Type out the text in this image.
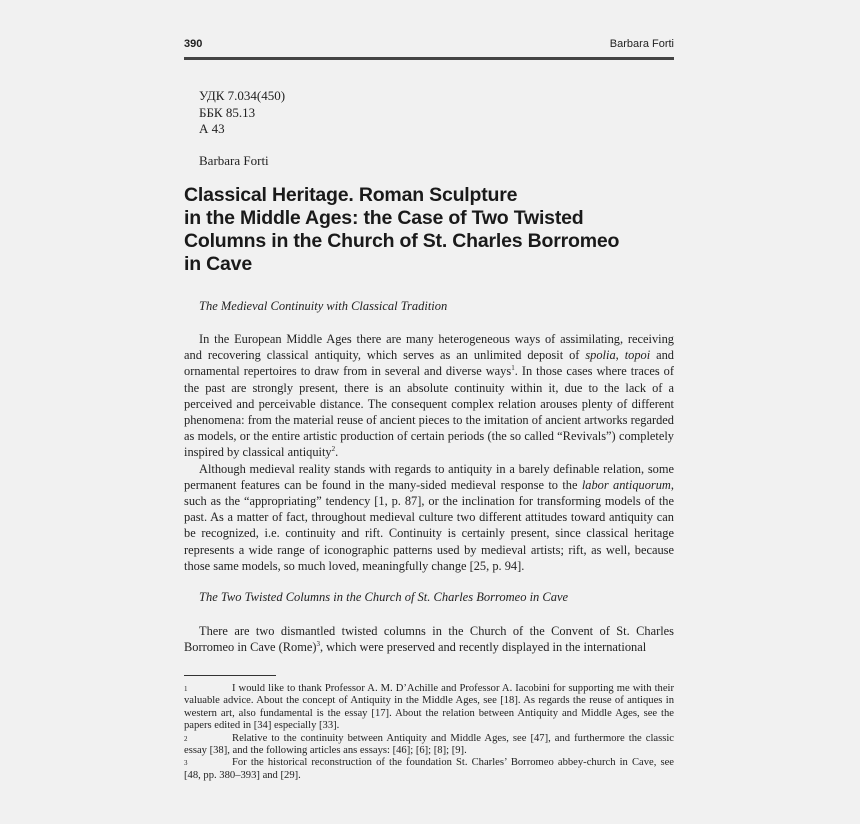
390	Barbara Forti
УДК 7.034(450)
ББК 85.13
А 43
Barbara Forti
Classical Heritage. Roman Sculpture
in the Middle Ages: the Case of Two Twisted
Columns in the Church of St. Charles Borromeo
in Cave
The Medieval Continuity with Classical Tradition

In the European Middle Ages there are many heterogeneous ways of assimilating, receiving and recovering classical antiquity, which serves as an unlimited deposit of spolia, topoi and ornamental repertoires to draw from in several and diverse ways$^1$. In those cases where traces of the past are strongly present, there is an absolute continuity within it, due to the lack of a perceived and perceivable distance. The consequent complex relation arouses plenty of different phenomena: from the material reuse of ancient pieces to the imitation of ancient artworks regarded as models, or the entire artistic production of certain periods (the so called “Revivals”) completely inspired by classical antiquity$^2$.

Although medieval reality stands with regards to antiquity in a barely definable relation, some permanent features can be found in the many-sided medieval response to the labor antiquorum, such as the “appropriating” tendency [1, p. 87], or the inclination for transforming models of the past. As a matter of fact, throughout medieval culture two different attitudes toward antiquity can be recognized, i.e. continuity and rift. Continuity is certainly present, since classical heritage represents a wide range of iconographic patterns used by medieval artists; rift, as well, because those same models, so much loved, meaningfully change [25, p. 94].

The Two Twisted Columns in the Church of St. Charles Borromeo in Cave

There are two dismantled twisted columns in the Church of the Convent of St. Charles Borromeo in Cave (Rome)$^3$, which were preserved and recently displayed in the international

1	I would like to thank Professor A. M. D’Achille and Professor A. Iacobini for supporting me with their valuable advice. About the concept of Antiquity in the Middle Ages, see [18]. As regards the reuse of antiques in western art, also fundamental is the essay [17]. About the relation between Antiquity and Middle Ages, see the papers edited in [34] especially [33].

2	Relative to the continuity between Antiquity and Middle Ages, see [47], and furthermore the classic essay [38], and the following articles ans essays: [46]; [6]; [8]; [9].

3	For the historical reconstruction of the foundation St. Charles’ Borromeo abbey-church in Cave, see [48, pp. 380–393] and [29].
